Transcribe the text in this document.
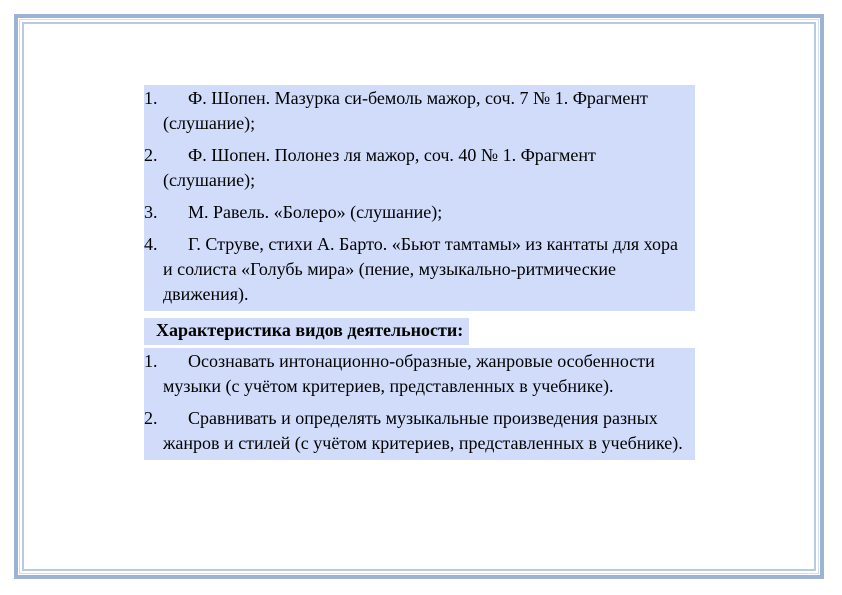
1. Ф. Шопен. Мазурка си-бемоль мажор, соч. 7 № 1. Фрагмент (слушание);
2. Ф. Шопен. Полонез ля мажор, соч. 40 № 1. Фрагмент (слушание);
3. М. Равель. «Болеро» (слушание);
4. Г. Струве, стихи А. Барто. «Бьют тамтамы» из кантаты для хора и солиста «Голубь мира» (пение, музыкально-ритмические движения).
Характеристика видов деятельности:
1. Осознавать интонационно-образные, жанровые особенности музыки (с учётом критериев, представленных в учебнике).
2. Сравнивать и определять музыкальные произведения разных жанров и стилей (с учётом критериев, представленных в учебнике).
